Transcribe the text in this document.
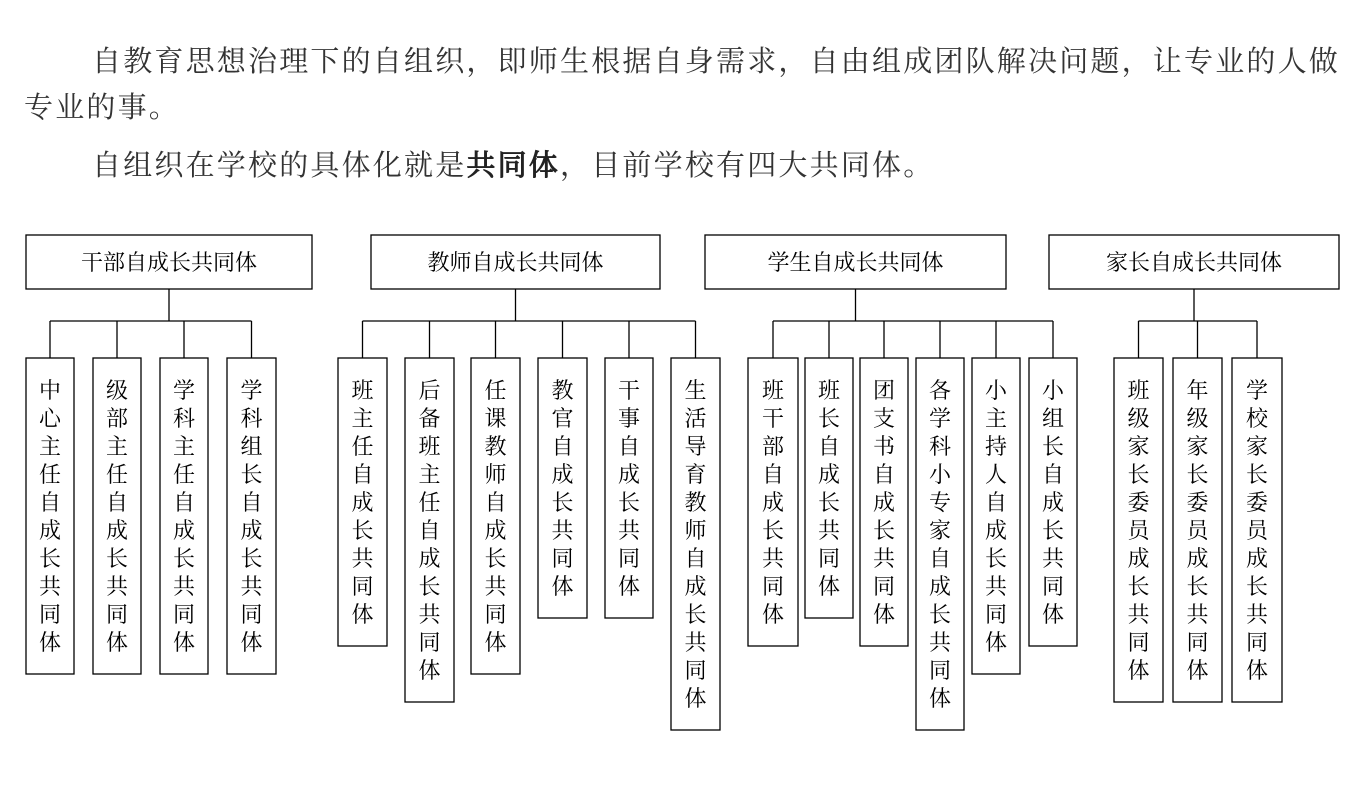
自教育思想治理下的自组织，即师生根据自身需求，自由组成团队解决问题，让专业的人做专业的事。

自组织在学校的具体化就是共同体，目前学校有四大共同体。

干部自成长共同体
中心主任自成长共同体
级部主任自成长共同体
学科主任自成长共同体
学科组长自成长共同体
教师自成长共同体
班主任自成长共同体
后备班主任自成长共同体
任课教师自成长共同体
教官自成长共同体
干事自成长共同体
生活导育教师自成长共同体
学生自成长共同体
班干部自成长共同体
班长自成长共同体
团支书自成长共同体
各学科小专家自成长共同体
小主持人自成长共同体
小组长自成长共同体
家长自成长共同体
班级家长委员成长共同体
年级家长委员成长共同体
学校家长委员成长共同体
